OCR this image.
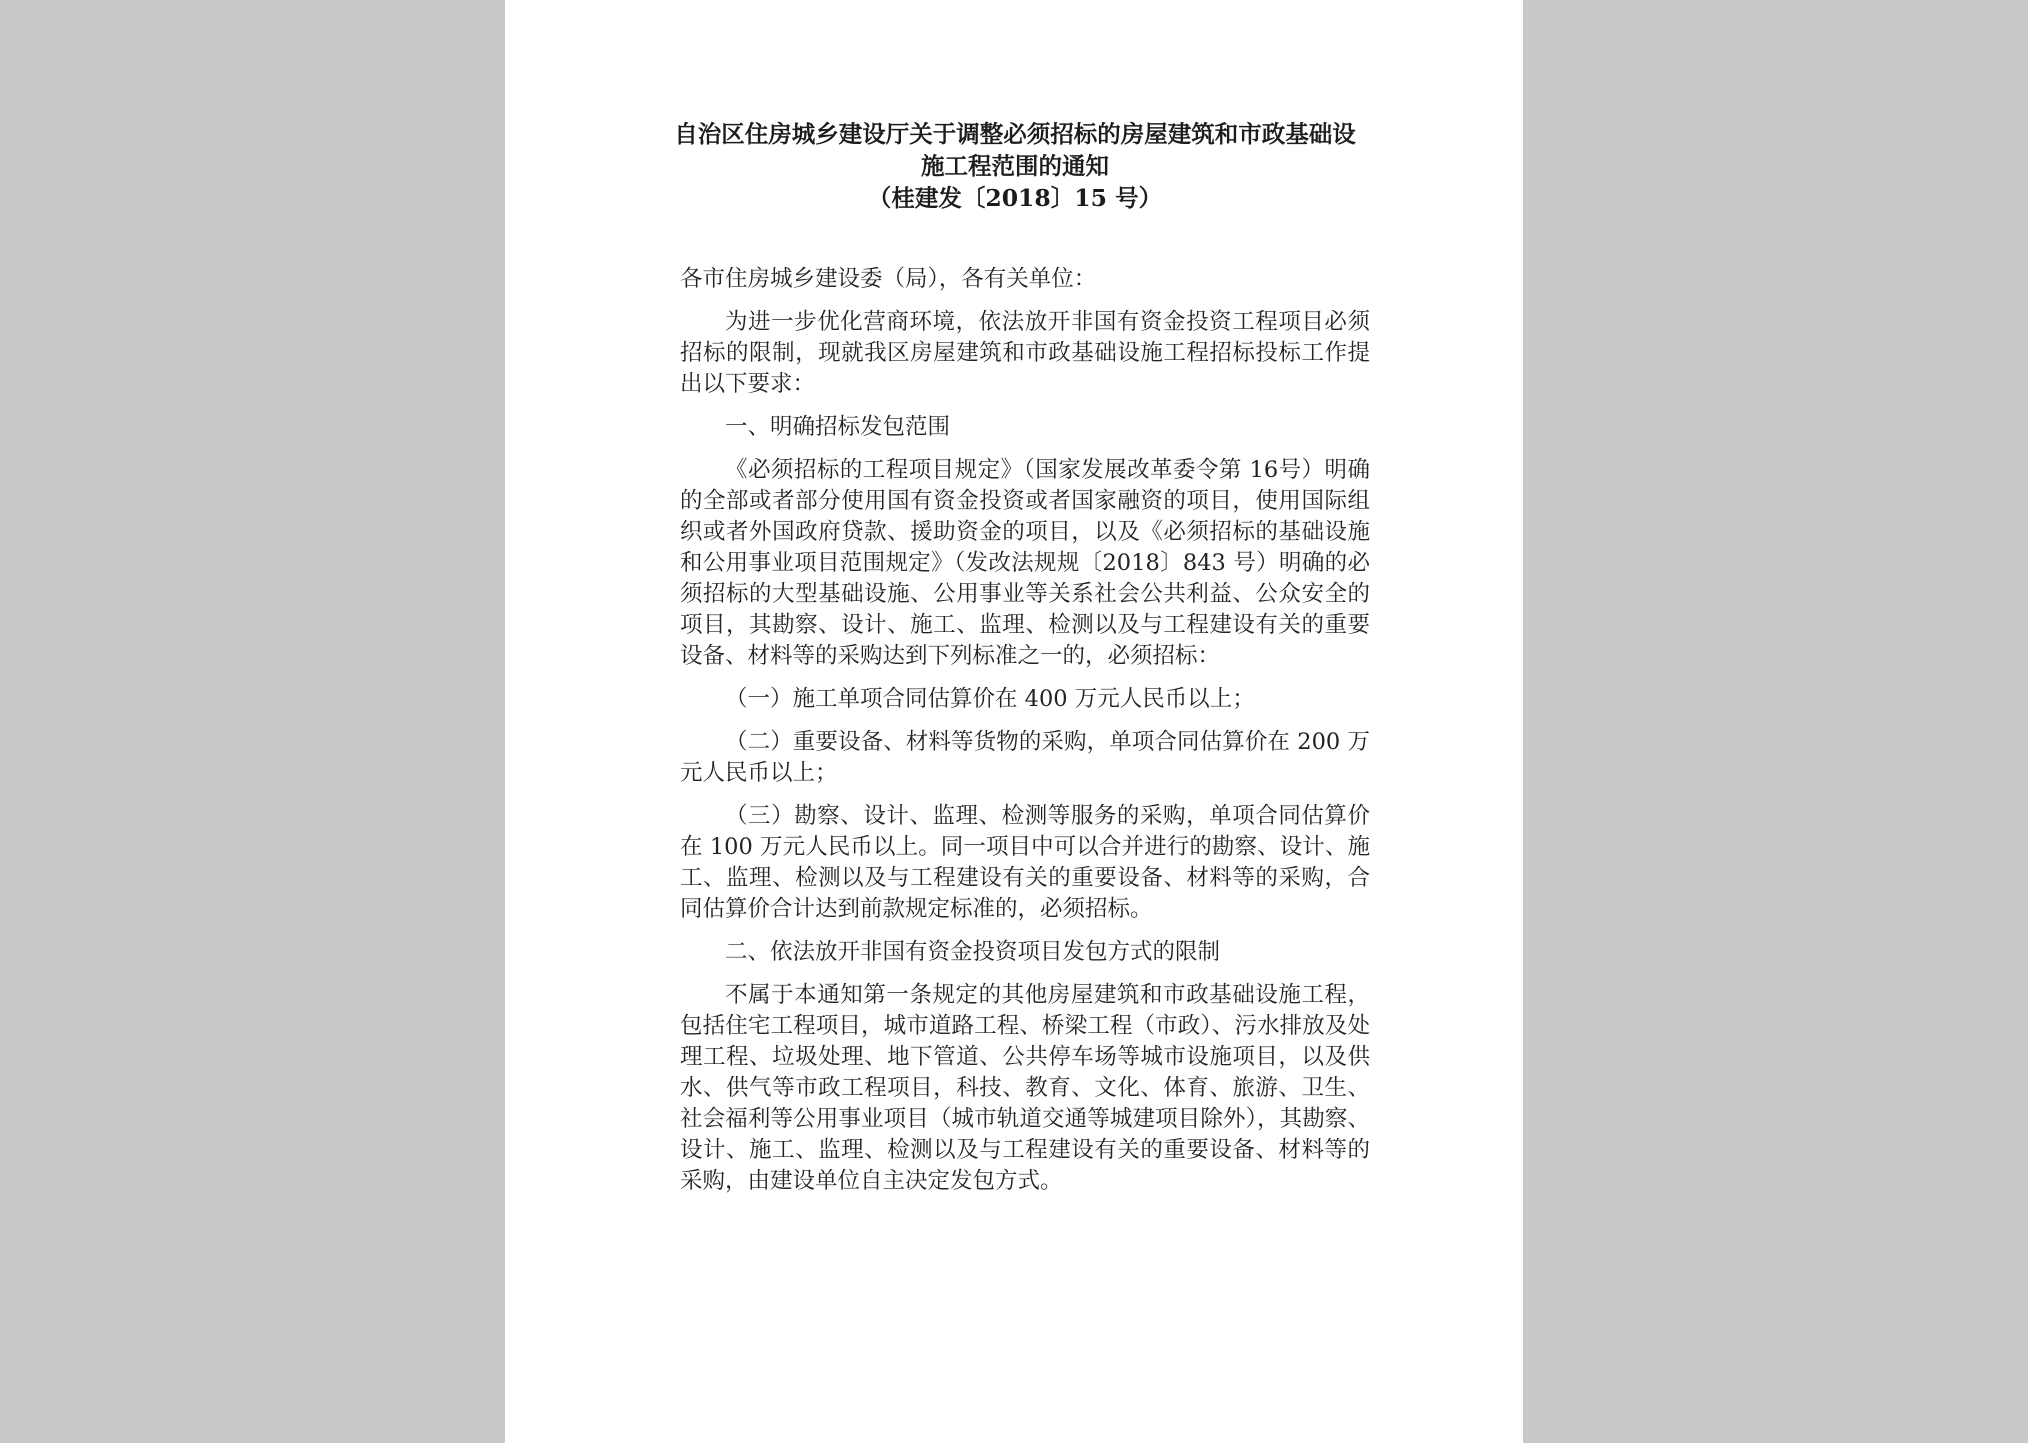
自治区住房城乡建设厅关于调整必须招标的房屋建筑和市政基础设
施工程范围的通知
（桂建发〔2018〕15 号）

各市住房城乡建设委（局），各有关单位：

为进一步优化营商环境，依法放开非国有资金投资工程项目必须招标的限制，现就我区房屋建筑和市政基础设施工程招标投标工作提出以下要求：

一、明确招标发包范围

《必须招标的工程项目规定》（国家发展改革委令第 16号）明确的全部或者部分使用国有资金投资或者国家融资的项目，使用国际组织或者外国政府贷款、援助资金的项目，以及《必须招标的基础设施和公用事业项目范围规定》（发改法规规〔2018〕843 号）明确的必须招标的大型基础设施、公用事业等关系社会公共利益、公众安全的项目，其勘察、设计、施工、监理、检测以及与工程建设有关的重要设备、材料等的采购达到下列标准之一的，必须招标：

（一）施工单项合同估算价在 400 万元人民币以上；

（二）重要设备、材料等货物的采购，单项合同估算价在 200 万元人民币以上；

（三）勘察、设计、监理、检测等服务的采购，单项合同估算价在 100 万元人民币以上。同一项目中可以合并进行的勘察、设计、施工、监理、检测以及与工程建设有关的重要设备、材料等的采购，合同估算价合计达到前款规定标准的，必须招标。

二、依法放开非国有资金投资项目发包方式的限制

不属于本通知第一条规定的其他房屋建筑和市政基础设施工程，包括住宅工程项目，城市道路工程、桥梁工程（市政）、污水排放及处理工程、垃圾处理、地下管道、公共停车场等城市设施项目，以及供水、供气等市政工程项目，科技、教育、文化、体育、旅游、卫生、社会福利等公用事业项目（城市轨道交通等城建项目除外），其勘察、设计、施工、监理、检测以及与工程建设有关的重要设备、材料等的采购，由建设单位自主决定发包方式。
